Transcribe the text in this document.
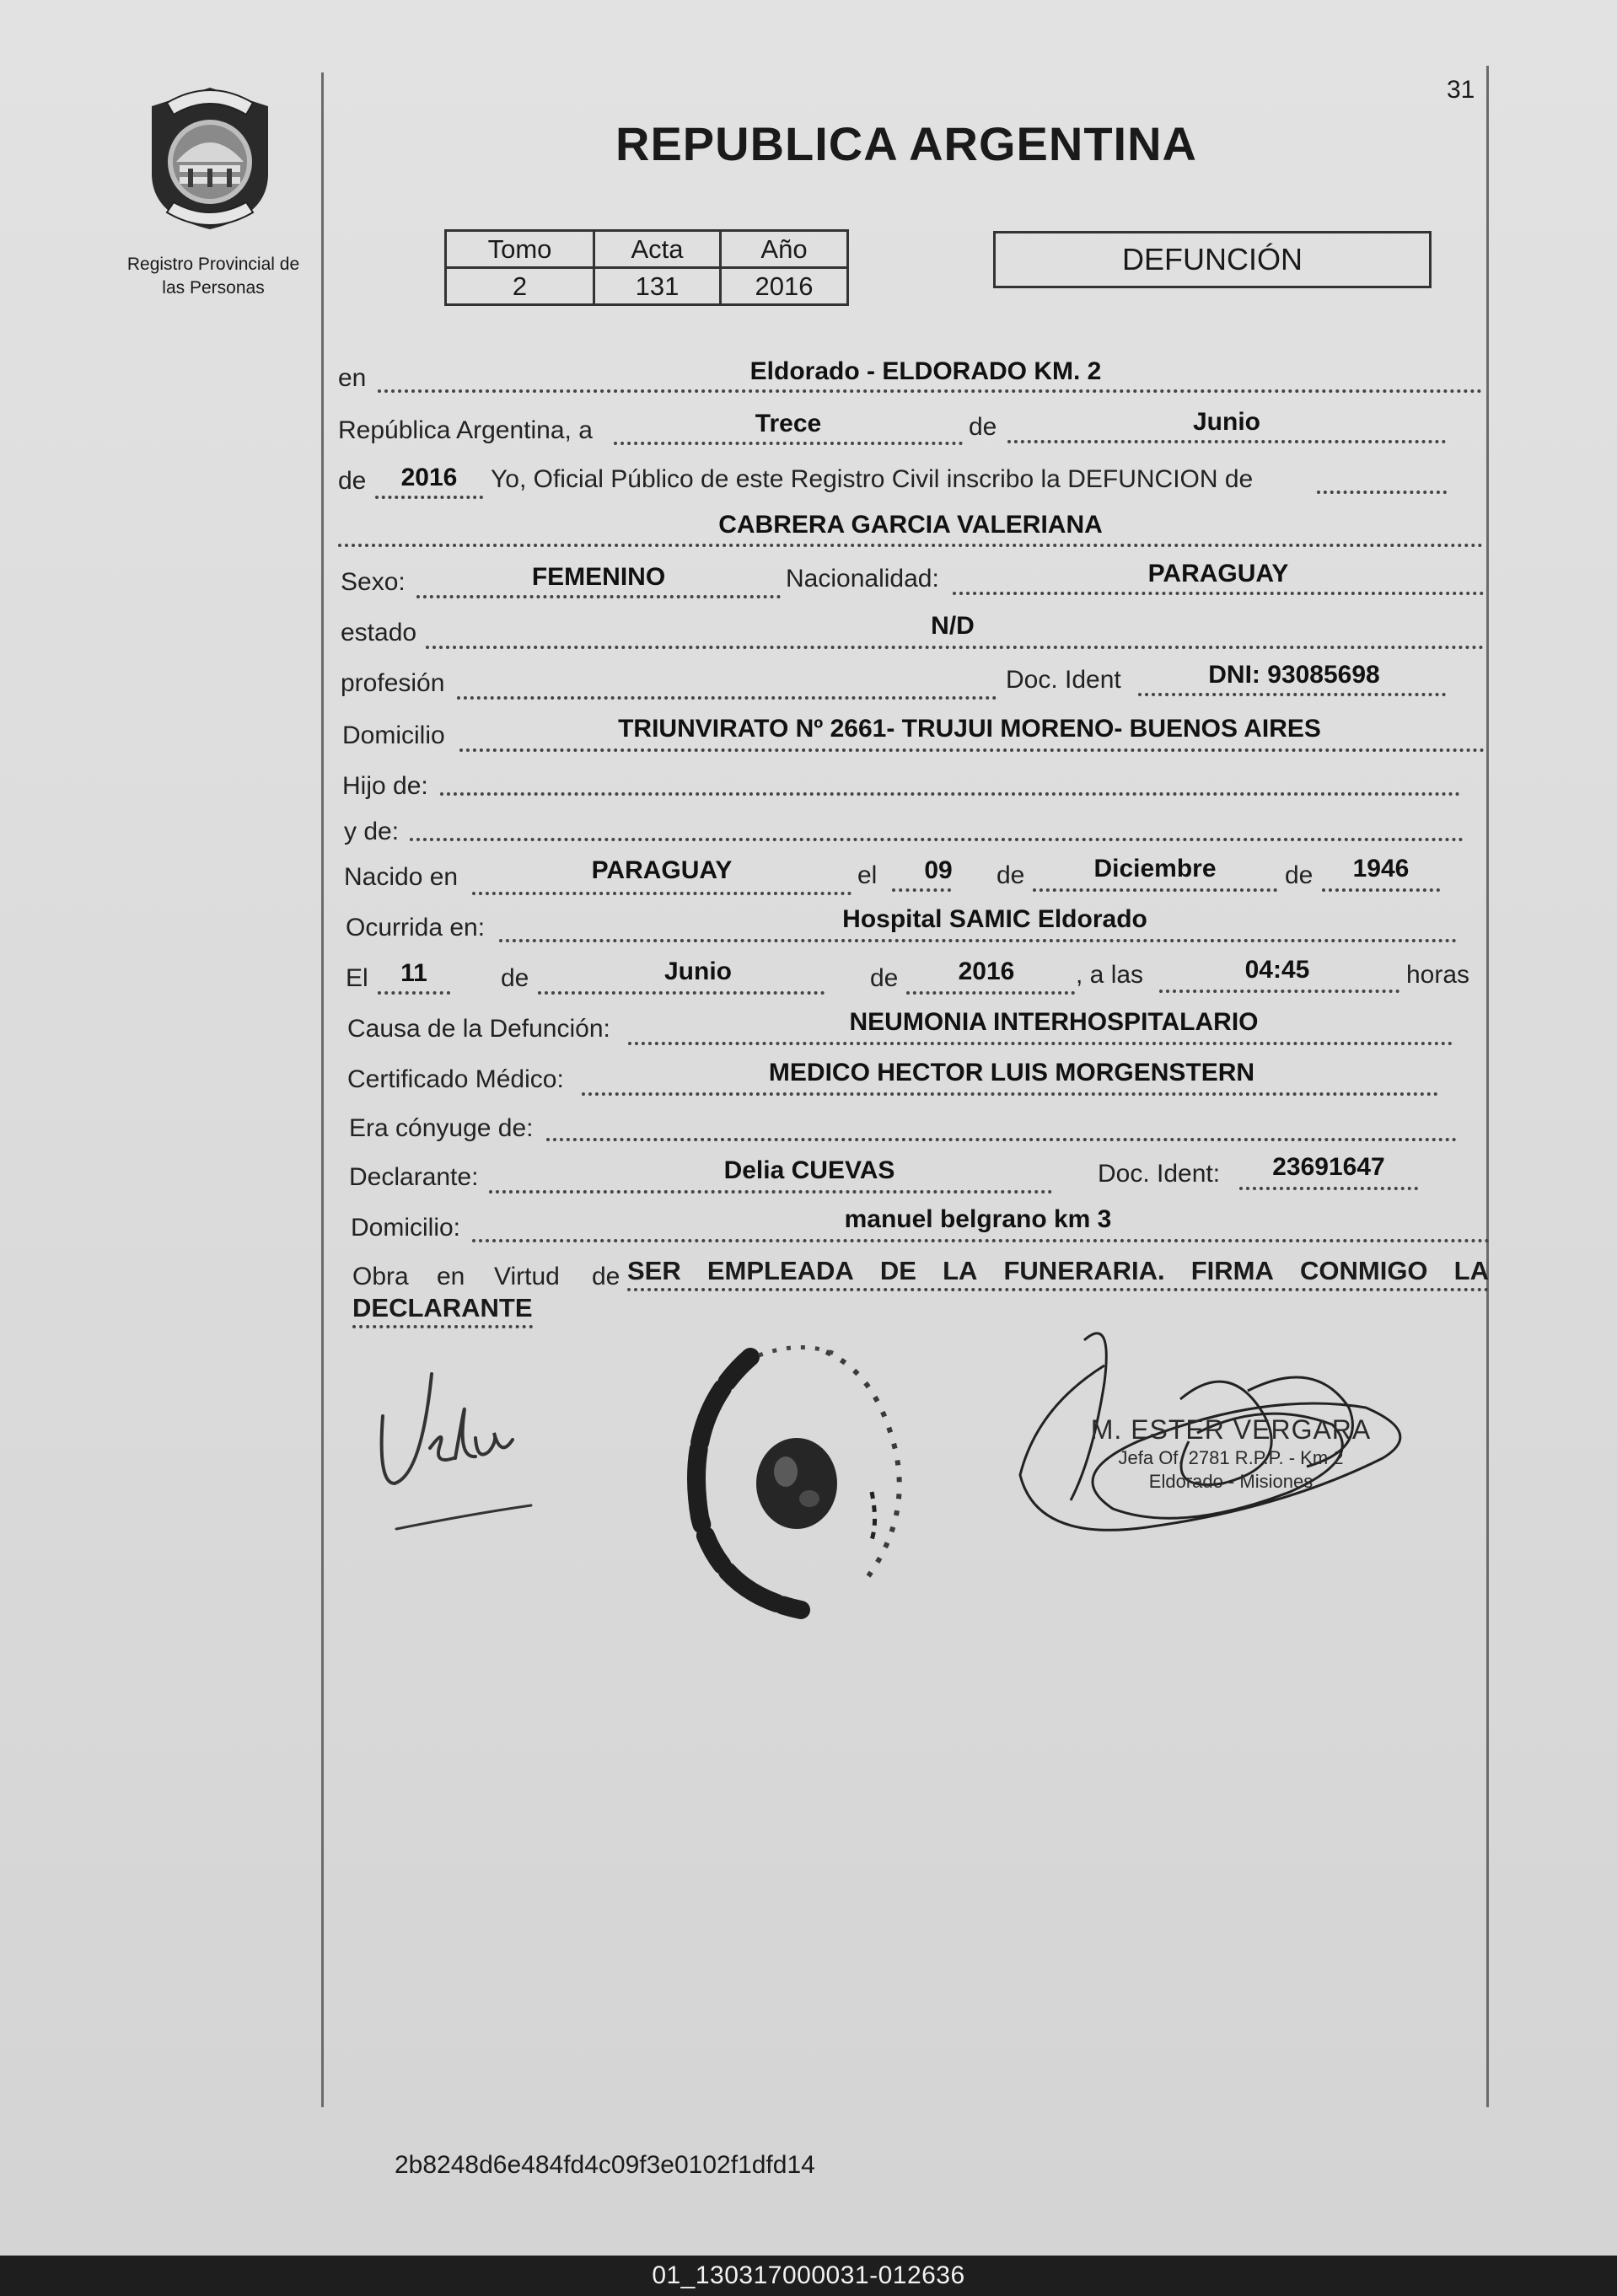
31
Registro Provincial de
las Personas
REPUBLICA ARGENTINA
Tomo	Acta	Año
2	131	2016
DEFUNCIÓN
en	Eldorado - ELDORADO KM. 2
República Argentina, a	Trece	de	Junio
de	2016	Yo, Oficial Público de este Registro Civil inscribo la DEFUNCION de
CABRERA GARCIA VALERIANA
Sexo:	FEMENINO	Nacionalidad:	PARAGUAY
estado	N/D
profesión	Doc. Ident	DNI: 93085698
Domicilio	TRIUNVIRATO Nº 2661- TRUJUI MORENO- BUENOS AIRES
Hijo de:
y de:
Nacido en	PARAGUAY	el	09	de	Diciembre	de	1946
Ocurrida en:	Hospital SAMIC Eldorado
El	11	de	Junio	de	2016	, a las	04:45	horas
Causa de la Defunción:	NEUMONIA INTERHOSPITALARIO
Certificado Médico:	MEDICO HECTOR LUIS MORGENSTERN
Era cónyuge de:
Declarante:	Delia CUEVAS	Doc. Ident:	23691647
Domicilio:	manuel belgrano km 3
Obra en Virtud de SER EMPLEADA DE LA FUNERARIA. FIRMA CONMIGO LA
DECLARANTE
M. ESTER VERGARA
Jefa Of. 2781 R.P.P. - Km 2
Eldorado - Misiones
2b8248d6e484fd4c09f3e0102f1dfd14
01_130317000031-012636
